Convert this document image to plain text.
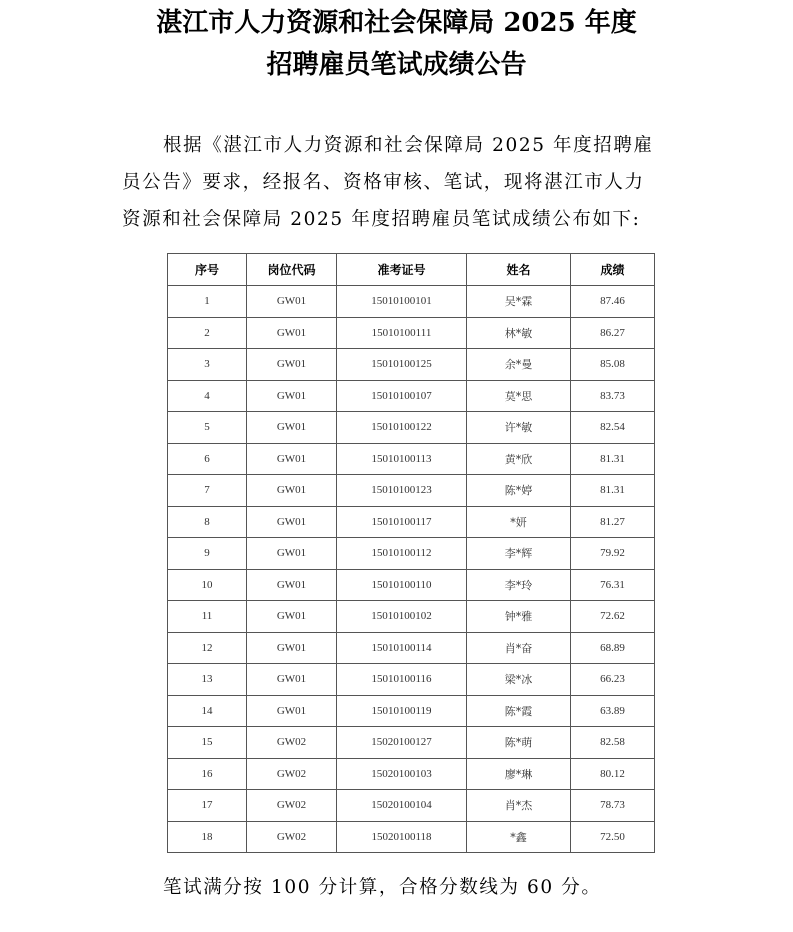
湛江市人力资源和社会保障局 2025 年度
招聘雇员笔试成绩公告
根据《湛江市人力资源和社会保障局 2025 年度招聘雇
员公告》要求，经报名、资格审核、笔试，现将湛江市人力
资源和社会保障局 2025 年度招聘雇员笔试成绩公布如下:
序号	岗位代码	准考证号	姓名	成绩
1	GW01	15010100101	吴*霖	87.46
2	GW01	15010100111	林*敏	86.27
3	GW01	15010100125	余*曼	85.08
4	GW01	15010100107	莫*思	83.73
5	GW01	15010100122	许*敏	82.54
6	GW01	15010100113	黄*欣	81.31
7	GW01	15010100123	陈*婷	81.31
8	GW01	15010100117	*妍	81.27
9	GW01	15010100112	李*辉	79.92
10	GW01	15010100110	李*玲	76.31
11	GW01	15010100102	钟*雅	72.62
12	GW01	15010100114	肖*奋	68.89
13	GW01	15010100116	梁*冰	66.23
14	GW01	15010100119	陈*霞	63.89
15	GW02	15020100127	陈*萌	82.58
16	GW02	15020100103	廖*琳	80.12
17	GW02	15020100104	肖*杰	78.73
18	GW02	15020100118	*鑫	72.50
笔试满分按 100 分计算，合格分数线为 60 分。
